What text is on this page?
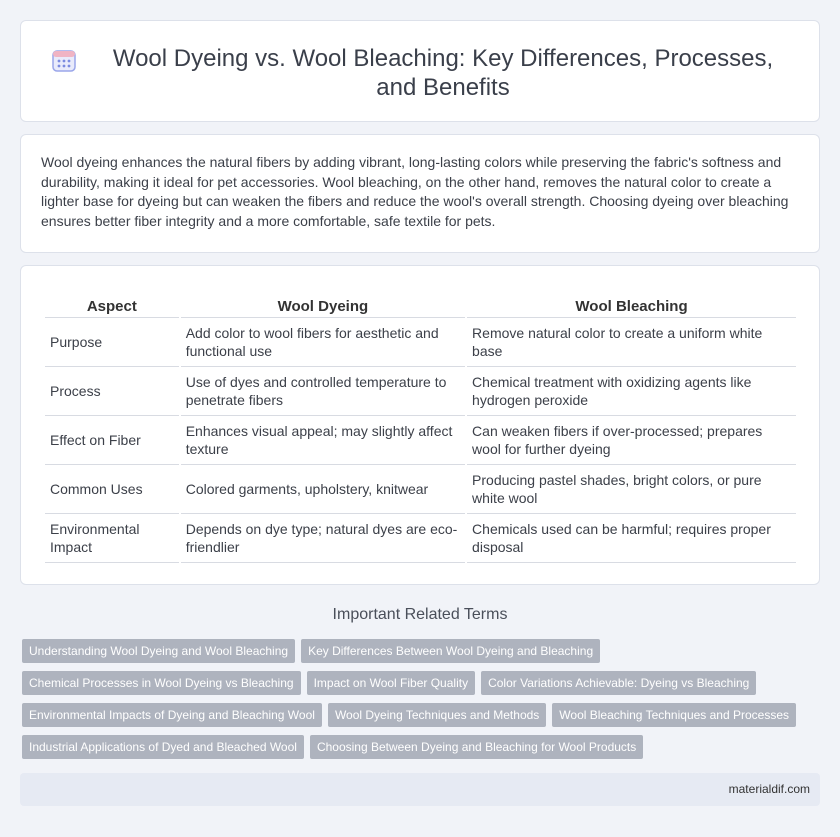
Wool Dyeing vs. Wool Bleaching: Key Differences, Processes, and Benefits

Wool dyeing enhances the natural fibers by adding vibrant, long-lasting colors while preserving the fabric's softness and durability, making it ideal for pet accessories. Wool bleaching, on the other hand, removes the natural color to create a lighter base for dyeing but can weaken the fibers and reduce the wool's overall strength. Choosing dyeing over bleaching ensures better fiber integrity and a more comfortable, safe textile for pets.

Aspect	Wool Dyeing	Wool Bleaching
Purpose	Add color to wool fibers for aesthetic and functional use	Remove natural color to create a uniform white base
Process	Use of dyes and controlled temperature to penetrate fibers	Chemical treatment with oxidizing agents like hydrogen peroxide
Effect on Fiber	Enhances visual appeal; may slightly affect texture	Can weaken fibers if over-processed; prepares wool for further dyeing
Common Uses	Colored garments, upholstery, knitwear	Producing pastel shades, bright colors, or pure white wool
Environmental Impact	Depends on dye type; natural dyes are eco-friendlier	Chemicals used can be harmful; requires proper disposal
Important Related Terms
Understanding Wool Dyeing and Wool Bleaching	Key Differences Between Wool Dyeing and Bleaching
Chemical Processes in Wool Dyeing vs Bleaching	Impact on Wool Fiber Quality	Color Variations Achievable: Dyeing vs Bleaching
Environmental Impacts of Dyeing and Bleaching Wool	Wool Dyeing Techniques and Methods	Wool Bleaching Techniques and Processes
Industrial Applications of Dyed and Bleached Wool	Choosing Between Dyeing and Bleaching for Wool Products
materialdif.com
